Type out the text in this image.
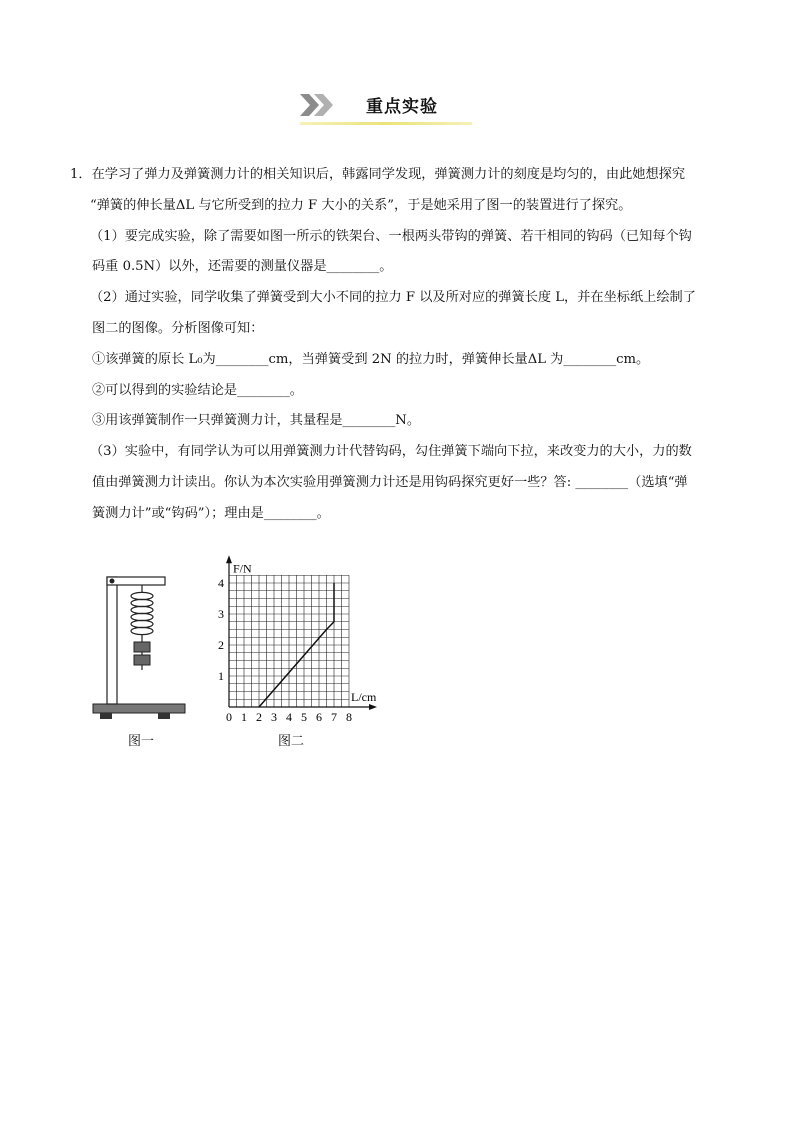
重点实验

1．在学习了弹力及弹簧测力计的相关知识后，韩露同学发现，弹簧测力计的刻度是均匀的，由此她想探究

“弹簧的伸长量ΔL 与它所受到的拉力 F 大小的关系”，于是她采用了图一的装置进行了探究。

（1）要完成实验，除了需要如图一所示的铁架台、一根两头带钩的弹簧、若干相同的钩码（已知每个钩

码重 0.5N）以外，还需要的测量仪器是________。

（2）通过实验，同学收集了弹簧受到大小不同的拉力 F 以及所对应的弹簧长度 L，并在坐标纸上绘制了

图二的图像。分析图像可知：

①该弹簧的原长 L₀为________cm，当弹簧受到 2N 的拉力时，弹簧伸长量ΔL 为________cm。

②可以得到的实验结论是________。

③用该弹簧制作一只弹簧测力计，其量程是________N。

（3）实验中，有同学认为可以用弹簧测力计代替钩码，勾住弹簧下端向下拉，来改变力的大小，力的数

值由弹簧测力计读出。你认为本次实验用弹簧测力计还是用钩码探究更好一些？答: ________（选填“弹

簧测力计”或“钩码”）；理由是________。

图一
F/N
L/cm
0 1 2 3 4 5 6 7 8
1
2
3
4
图二
